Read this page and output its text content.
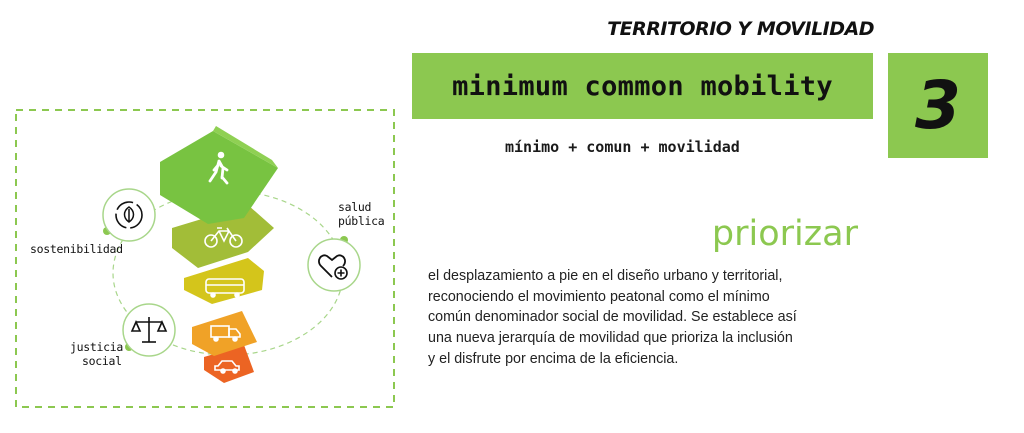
TERRITORIO Y MOVILIDAD
minimum common mobility 3
mínimo + comun + movilidad
sostenibilidad
salud
pública
justicia
social
priorizar
el desplazamiento a pie en el diseño urbano y territorial,
reconociendo el movimiento peatonal como el mínimo
común denominador social de movilidad. Se establece así
una nueva jerarquía de movilidad que prioriza la inclusión
y el disfrute por encima de la eficiencia.
